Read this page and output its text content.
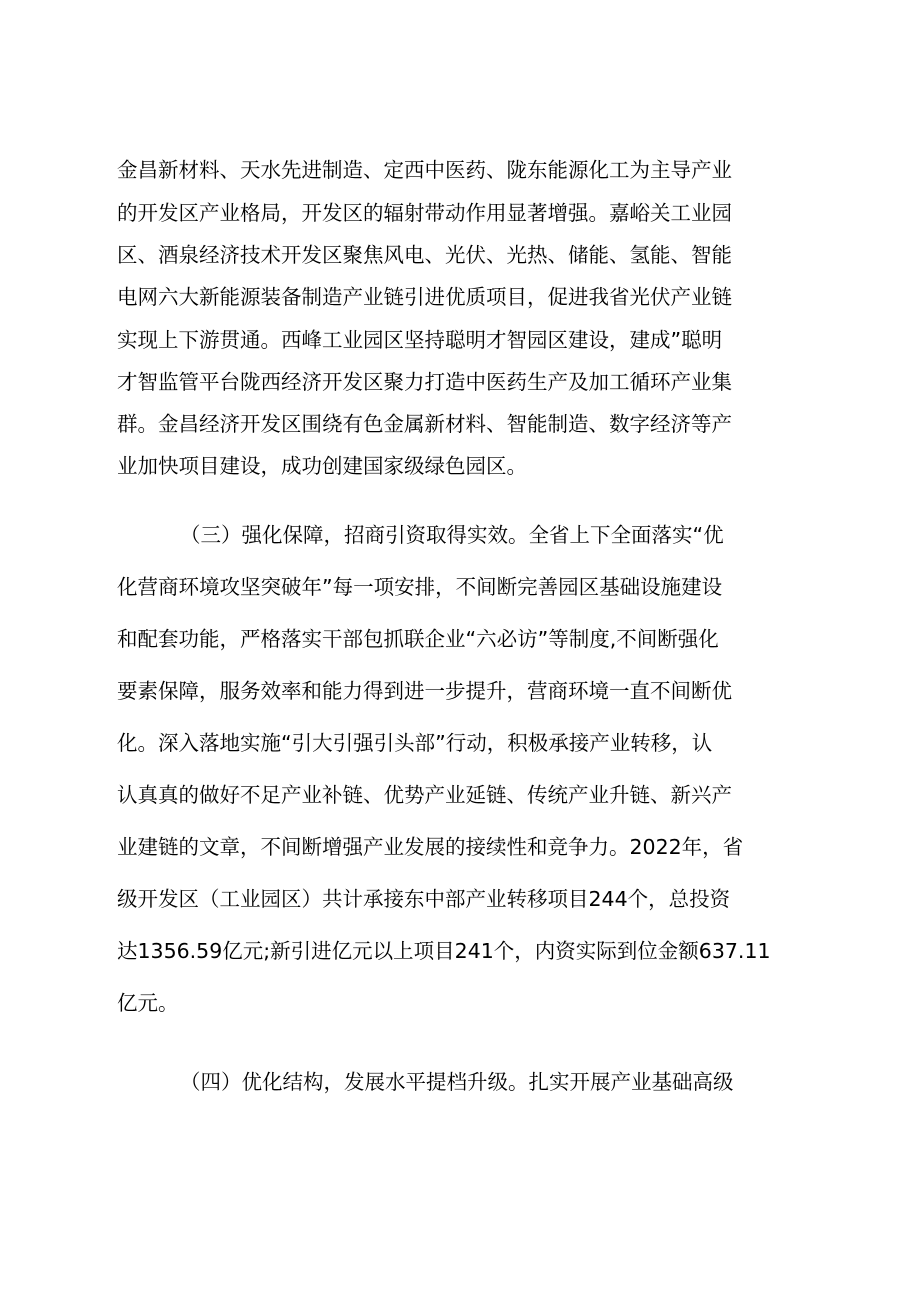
金昌新材料、天水先进制造、定西中医药、陇东能源化工为主导产业
的开发区产业格局，开发区的辐射带动作用显著增强。嘉峪关工业园
区、酒泉经济技术开发区聚焦风电、光伏、光热、储能、氢能、智能
电网六大新能源装备制造产业链引进优质项目，促进我省光伏产业链
实现上下游贯通。西峰工业园区坚持聪明才智园区建设，建成”聪明
才智监管平台陇西经济开发区聚力打造中医药生产及加工循环产业集
群。金昌经济开发区围绕有色金属新材料、智能制造、数字经济等产
业加快项目建设，成功创建国家级绿色园区。
（三）强化保障，招商引资取得实效。全省上下全面落实“优
化营商环境攻坚突破年”每一项安排，不间断完善园区基础设施建设
和配套功能，严格落实干部包抓联企业“六必访”等制度,不间断强化
要素保障，服务效率和能力得到进一步提升，营商环境一直不间断优
化。深入落地实施“引大引强引头部”行动，积极承接产业转移，认
认真真的做好不足产业补链、优势产业延链、传统产业升链、新兴产
业建链的文章，不间断增强产业发展的接续性和竞争力。2022年，省
级开发区（工业园区）共计承接东中部产业转移项目244个，总投资
达1356.59亿元;新引进亿元以上项目241个，内资实际到位金额637.11
亿元。
（四）优化结构，发展水平提档升级。扎实开展产业基础高级
